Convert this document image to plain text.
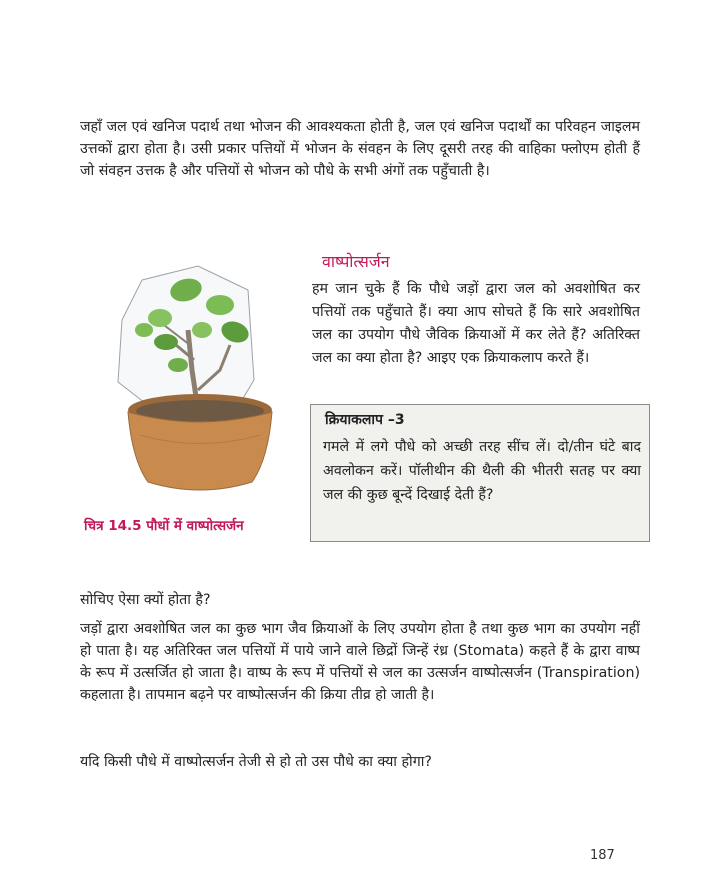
जहाँ जल एवं खनिज पदार्थ तथा भोजन की आवश्यकता होती है, जल एवं खनिज पदार्थों का परिवहन जाइलम उत्तकों द्वारा होता है। उसी प्रकार पत्तियों में भोजन के संवहन के लिए दूसरी तरह की वाहिका फ्लोएम होती हैं जो संवहन उत्तक है और पत्तियों से भोजन को पौधे के सभी अंगों तक पहुँचाती है।

चित्र 14.5 पौधों में वाष्पोत्सर्जन
वाष्पोत्सर्जन

हम जान चुके हैं कि पौधे जड़ों द्वारा जल को अवशोषित कर पत्तियों तक पहुँचाते हैं। क्या आप सोचते हैं कि सारे अवशोषित जल का उपयोग पौधे जैविक क्रियाओं में कर लेते हैं? अतिरिक्त जल का क्या होता है? आइए एक क्रियाकलाप करते हैं।

क्रियाकलाप –3

गमले में लगे पौधे को अच्छी तरह सींच लें। दो/तीन घंटे बाद अवलोकन करें। पॉलीथीन की थैली की भीतरी सतह पर क्या जल की कुछ बून्दें दिखाई देती हैं?

सोचिए ऐसा क्यों होता है?

जड़ों द्वारा अवशोषित जल का कुछ भाग जैव क्रियाओं के लिए उपयोग होता है तथा कुछ भाग का उपयोग नहीं हो पाता है। यह अतिरिक्त जल पत्तियों में पाये जाने वाले छिद्रों जिन्हें रंध्र (Stomata) कहते हैं के द्वारा वाष्प के रूप में उत्सर्जित हो जाता है। वाष्प के रूप में पत्तियों से जल का उत्सर्जन वाष्पोत्सर्जन (Transpiration) कहलाता है। तापमान बढ़ने पर वाष्पोत्सर्जन की क्रिया तीव्र हो जाती है।

यदि किसी पौधे में वाष्पोत्सर्जन तेजी से हो तो उस पौधे का क्या होगा?

187
